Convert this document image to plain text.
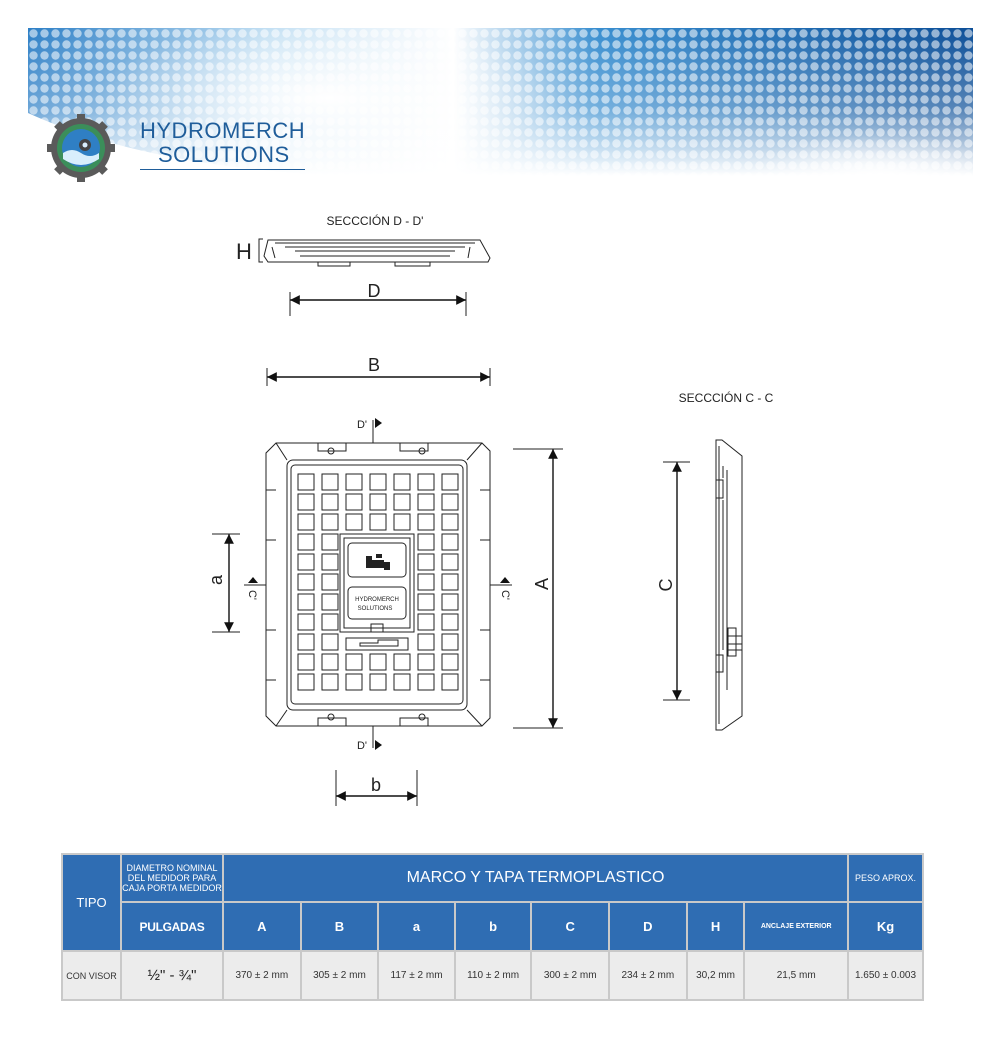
HYDROMERCH
SOLUTIONS
SECCCIÓN D - D'
H
D
B
HYDROMERCH
SOLUTIONS
D'
D'
C'	C'
a
b
A
SECCCIÓN C - C
C
TIPO	DIAMETRO NOMINAL DEL MEDIDOR PARA CAJA PORTA MEDIDOR	MARCO Y TAPA TERMOPLASTICO								PESO APROX.
	PULGADAS	A	B	a	b	C	D	H	ANCLAJE EXTERIOR	Kg
CON VISOR	½" - ¾"	370 ± 2 mm	305 ± 2 mm	117 ± 2 mm	110 ± 2 mm	300 ± 2 mm	234 ± 2 mm	30,2 mm	21,5 mm	1.650 ± 0.003
